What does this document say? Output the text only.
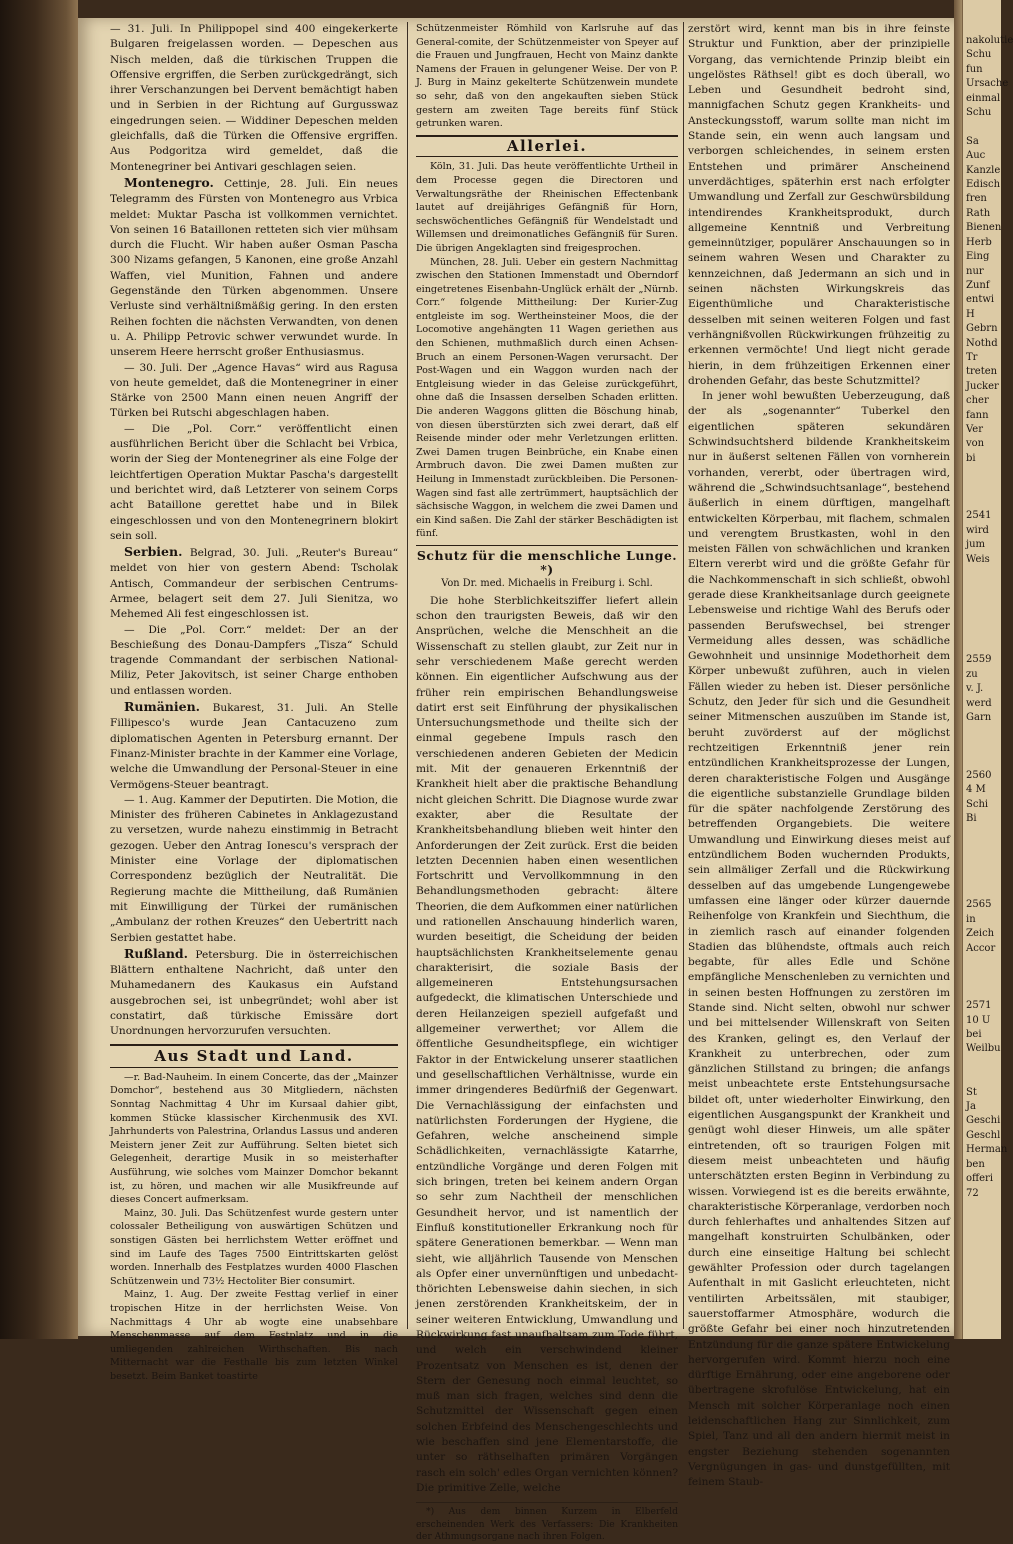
— 31. Juli. In Philippopel sind 400 eingekerkerte Bulgaren freigelassen worden. — Depeschen aus Nisch melden, daß die türkischen Truppen die Offensive ergriffen, die Serben zurückgedrängt, sich ihrer Verschanzungen bei Dervent bemächtigt haben und in Serbien in der Richtung auf Gurgusswaz eingedrungen seien. — Widdiner Depeschen melden gleichfalls, daß die Türken die Offensive ergriffen. Aus Podgoritza wird gemeldet, daß die Montenegriner bei Antivari geschlagen seien.

Montenegro. Cettinje, 28. Juli. Ein neues Telegramm des Fürsten von Montenegro aus Vrbica meldet: Muktar Pascha ist vollkommen vernichtet. Von seinen 16 Bataillonen retteten sich vier mühsam durch die Flucht. Wir haben außer Osman Pascha 300 Nizams gefangen, 5 Kanonen, eine große Anzahl Waffen, viel Munition, Fahnen und andere Gegenstände den Türken abgenommen. Unsere Verluste sind verhältnißmäßig gering. In den ersten Reihen fochten die nächsten Verwandten, von denen u. A. Philipp Petrovic schwer verwundet wurde. In unserem Heere herrscht großer Enthusiasmus.

— 30. Juli. Der „Agence Havas“ wird aus Ragusa von heute gemeldet, daß die Montenegriner in einer Stärke von 2500 Mann einen neuen Angriff der Türken bei Rutschi abgeschlagen haben.

— Die „Pol. Corr.“ veröffentlicht einen ausführlichen Bericht über die Schlacht bei Vrbica, worin der Sieg der Montenegriner als eine Folge der leichtfertigen Operation Muktar Pascha's dargestellt und berichtet wird, daß Letzterer von seinem Corps acht Bataillone gerettet habe und in Bilek eingeschlossen und von den Montenegrinern blokirt sein soll.

Serbien. Belgrad, 30. Juli. „Reuter's Bureau“ meldet von hier von gestern Abend: Tscholak Antisch, Commandeur der serbischen Centrums-Armee, belagert seit dem 27. Juli Sienitza, wo Mehemed Ali fest eingeschlossen ist.

— Die „Pol. Corr.“ meldet: Der an der Beschießung des Donau-Dampfers „Tisza“ Schuld tragende Commandant der serbischen National-Miliz, Peter Jakovitsch, ist seiner Charge enthoben und entlassen worden.

Rumänien. Bukarest, 31. Juli. An Stelle Fillipesco's wurde Jean Cantacuzeno zum diplomatischen Agenten in Petersburg ernannt. Der Finanz-Minister brachte in der Kammer eine Vorlage, welche die Umwandlung der Personal-Steuer in eine Vermögens-Steuer beantragt.

— 1. Aug. Kammer der Deputirten. Die Motion, die Minister des früheren Cabinetes in Anklagezustand zu versetzen, wurde nahezu einstimmig in Betracht gezogen. Ueber den Antrag Ionescu's versprach der Minister eine Vorlage der diplomatischen Correspondenz bezüglich der Neutralität. Die Regierung machte die Mittheilung, daß Rumänien mit Einwilligung der Türkei der rumänischen „Ambulanz der rothen Kreuzes“ den Uebertritt nach Serbien gestattet habe.

Rußland. Petersburg. Die in österreichischen Blättern enthaltene Nachricht, daß unter den Muhamedanern des Kaukasus ein Aufstand ausgebrochen sei, ist unbegründet; wohl aber ist constatirt, daß türkische Emissäre dort Unordnungen hervorzurufen versuchten.

Aus Stadt und Land.

—r. Bad-Nauheim. In einem Concerte, das der „Mainzer Domchor“, bestehend aus 30 Mitgliedern, nächsten Sonntag Nachmittag 4 Uhr im Kursaal dahier gibt, kommen Stücke klassischer Kirchenmusik des XVI. Jahrhunderts von Palestrina, Orlandus Lassus und anderen Meistern jener Zeit zur Aufführung. Selten bietet sich Gelegenheit, derartige Musik in so meisterhafter Ausführung, wie solches vom Mainzer Domchor bekannt ist, zu hören, und machen wir alle Musikfreunde auf dieses Concert aufmerksam.

Mainz, 30. Juli. Das Schützenfest wurde gestern unter colossaler Betheiligung von auswärtigen Schützen und sonstigen Gästen bei herrlichstem Wetter eröffnet und sind im Laufe des Tages 7500 Eintrittskarten gelöst worden. Innerhalb des Festplatzes wurden 4000 Flaschen Schützenwein und 73½ Hectoliter Bier consumirt.

Mainz, 1. Aug. Der zweite Festtag verlief in einer tropischen Hitze in der herrlichsten Weise. Von Nachmittags 4 Uhr ab wogte eine unabsehbare Menschenmasse auf dem Festplatz und in die umliegenden zahlreichen Wirthschaften. Bis nach Mitternacht war die Festhalle bis zum letzten Winkel besetzt. Beim Banket toastirte

Schützenmeister Römhild von Karlsruhe auf das General-comite, der Schützenmeister von Speyer auf die Frauen und Jungfrauen, Hecht von Mainz dankte Namens der Frauen in gelungener Weise. Der von P. J. Burg in Mainz gekelterte Schützenwein mundete so sehr, daß von den angekauften sieben Stück gestern am zweiten Tage bereits fünf Stück getrunken waren.

Allerlei.

Köln, 31. Juli. Das heute veröffentlichte Urtheil in dem Processe gegen die Directoren und Verwaltungsräthe der Rheinischen Effectenbank lautet auf dreijähriges Gefängniß für Horn, sechswöchentliches Gefängniß für Wendelstadt und Willemsen und dreimonatliches Gefängniß für Suren. Die übrigen Angeklagten sind freigesprochen.

München, 28. Juli. Ueber ein gestern Nachmittag zwischen den Stationen Immenstadt und Oberndorf eingetretenes Eisenbahn-Unglück erhält der „Nürnb. Corr.“ folgende Mittheilung: Der Kurier-Zug entgleiste im sog. Wertheinsteiner Moos, die der Locomotive angehängten 11 Wagen geriethen aus den Schienen, muthmaßlich durch einen Achsen-Bruch an einem Personen-Wagen verursacht. Der Post-Wagen und ein Waggon wurden nach der Entgleisung wieder in das Geleise zurückgeführt, ohne daß die Insassen derselben Schaden erlitten. Die anderen Waggons glitten die Böschung hinab, von diesen überstürzten sich zwei derart, daß elf Reisende minder oder mehr Verletzungen erlitten. Zwei Damen trugen Beinbrüche, ein Knabe einen Armbruch davon. Die zwei Damen mußten zur Heilung in Immenstadt zurückbleiben. Die Personen-Wagen sind fast alle zertrümmert, hauptsächlich der sächsische Waggon, in welchem die zwei Damen und ein Kind saßen. Die Zahl der stärker Beschädigten ist fünf.

Schutz für die menschliche Lunge. *)
Von Dr. med. Michaelis in Freiburg i. Schl.

Die hohe Sterblichkeitsziffer liefert allein schon den traurigsten Beweis, daß wir den Ansprüchen, welche die Menschheit an die Wissenschaft zu stellen glaubt, zur Zeit nur in sehr verschiedenem Maße gerecht werden können. Ein eigentlicher Aufschwung aus der früher rein empirischen Behandlungsweise datirt erst seit Einführung der physikalischen Untersuchungsmethode und theilte sich der einmal gegebene Impuls rasch den verschiedenen anderen Gebieten der Medicin mit. Mit der genaueren Erkenntniß der Krankheit hielt aber die praktische Behandlung nicht gleichen Schritt. Die Diagnose wurde zwar exakter, aber die Resultate der Krankheitsbehandlung blieben weit hinter den Anforderungen der Zeit zurück. Erst die beiden letzten Decennien haben einen wesentlichen Fortschritt und Vervollkommnung in den Behandlungsmethoden gebracht: ältere Theorien, die dem Aufkommen einer natürlichen und rationellen Anschauung hinderlich waren, wurden beseitigt, die Scheidung der beiden hauptsächlichsten Krankheitselemente genau charakterisirt, die soziale Basis der allgemeineren Entstehungsursachen aufgedeckt, die klimatischen Unterschiede und deren Heilanzeigen speziell aufgefaßt und allgemeiner verwerthet; vor Allem die öffentliche Gesundheitspflege, ein wichtiger Faktor in der Entwickelung unserer staatlichen und gesellschaftlichen Verhältnisse, wurde ein immer dringenderes Bedürfniß der Gegenwart. Die Vernachlässigung der einfachsten und natürlichsten Forderungen der Hygiene, die Gefahren, welche anscheinend simple Schädlichkeiten, vernachlässigte Katarrhe, entzündliche Vorgänge und deren Folgen mit sich bringen, treten bei keinem andern Organ so sehr zum Nachtheil der menschlichen Gesundheit hervor, und ist namentlich der Einfluß konstitutioneller Erkrankung noch für spätere Generationen bemerkbar. — Wenn man sieht, wie alljährlich Tausende von Menschen als Opfer einer unvernünftigen und unbedacht-thörichten Lebensweise dahin siechen, in sich jenen zerstörenden Krankheitskeim, der in seiner weiteren Entwicklung, Umwandlung und Rückwirkung fast unaufhaltsam zum Tode führt, und welch ein verschwindend kleiner Prozentsatz von Menschen es ist, denen der Stern der Genesung noch einmal leuchtet, so muß man sich fragen, welches sind denn die Schutzmittel der Wissenschaft gegen einen solchen Erbfeind des Menschengeschlechts und wie beschaffen sind jene Elementarstoffe, die unter so räthselhaften primären Vorgängen rasch ein solch' edles Organ vernichten können? Die primitive Zelle, welche

*) Aus dem binnen Kurzem in Elberfeld erscheinenden Werk des Verfassers: Die Krankheiten der Athmungsorgane nach ihren Folgen.

zerstört wird, kennt man bis in ihre feinste Struktur und Funktion, aber der prinzipielle Vorgang, das vernichtende Prinzip bleibt ein ungelöstes Räthsel! gibt es doch überall, wo Leben und Gesundheit bedroht sind, mannigfachen Schutz gegen Krankheits- und Ansteckungsstoff, warum sollte man nicht im Stande sein, ein wenn auch langsam und verborgen schleichendes, in seinem ersten Entstehen und primärer Anscheinend unverdächtiges, späterhin erst nach erfolgter Umwandlung und Zerfall zur Geschwürsbildung intendirendes Krankheitsprodukt, durch allgemeine Kenntniß und Verbreitung gemeinnütziger, populärer Anschauungen so in seinem wahren Wesen und Charakter zu kennzeichnen, daß Jedermann an sich und in seinen nächsten Wirkungskreis das Eigenthümliche und Charakteristische desselben mit seinen weiteren Folgen und fast verhängnißvollen Rückwirkungen frühzeitig zu erkennen vermöchte! Und liegt nicht gerade hierin, in dem frühzeitigen Erkennen einer drohenden Gefahr, das beste Schutzmittel?

In jener wohl bewußten Ueberzeugung, daß der als „sogenannter“ Tuberkel den eigentlichen späteren sekundären Schwindsuchtsherd bildende Krankheitskeim nur in äußerst seltenen Fällen von vornherein vorhanden, vererbt, oder übertragen wird, während die „Schwindsuchtsanlage“, bestehend äußerlich in einem dürftigen, mangelhaft entwickelten Körperbau, mit flachem, schmalen und verengtem Brustkasten, wohl in den meisten Fällen von schwächlichen und kranken Eltern vererbt wird und die größte Gefahr für die Nachkommenschaft in sich schließt, obwohl gerade diese Krankheitsanlage durch geeignete Lebensweise und richtige Wahl des Berufs oder passenden Berufswechsel, bei strenger Vermeidung alles dessen, was schädliche Gewohnheit und unsinnige Modethorheit dem Körper unbewußt zuführen, auch in vielen Fällen wieder zu heben ist. Dieser persönliche Schutz, den Jeder für sich und die Gesundheit seiner Mitmenschen auszuüben im Stande ist, beruht zuvörderst auf der möglichst rechtzeitigen Erkenntniß jener rein entzündlichen Krankheitsprozesse der Lungen, deren charakteristische Folgen und Ausgänge die eigentliche substanzielle Grundlage bilden für die später nachfolgende Zerstörung des betreffenden Organgebiets. Die weitere Umwandlung und Einwirkung dieses meist auf entzündlichem Boden wuchernden Produkts, sein allmäliger Zerfall und die Rückwirkung desselben auf das umgebende Lungengewebe umfassen eine länger oder kürzer dauernde Reihenfolge von Krankfein und Siechthum, die in ziemlich rasch auf einander folgenden Stadien das blühendste, oftmals auch reich begabte, für alles Edle und Schöne empfängliche Menschenleben zu vernichten und in seinen besten Hoffnungen zu zerstören im Stande sind. Nicht selten, obwohl nur schwer und bei mittelsender Willenskraft von Seiten des Kranken, gelingt es, den Verlauf der Krankheit zu unterbrechen, oder zum gänzlichen Stillstand zu bringen; die anfangs meist unbeachtete erste Entstehungsursache bildet oft, unter wiederholter Einwirkung, den eigentlichen Ausgangspunkt der Krankheit und genügt wohl dieser Hinweis, um alle später eintretenden, oft so traurigen Folgen mit diesem meist unbeachteten und häufig unterschätzten ersten Beginn in Verbindung zu wissen. Vorwiegend ist es die bereits erwähnte, charakteristische Körperanlage, verdorben noch durch fehlerhaftes und anhaltendes Sitzen auf mangelhaft konstruirten Schulbänken, oder durch eine einseitige Haltung bei schlecht gewählter Profession oder durch tagelangen Aufenthalt in mit Gaslicht erleuchteten, nicht ventilirten Arbeitssälen, mit staubiger, sauerstoffarmer Atmosphäre, wodurch die größte Gefahr bei einer noch hinzutretenden Entzündung für die ganze spätere Entwickelung hervorgerufen wird. Kommt hierzu noch eine dürftige Ernährung, oder eine angeborene oder übertragene skrofulöse Entwickelung, hat ein Mensch mit solcher Körperanlage noch einen leidenschaftlichen Hang zur Sinnlichkeit, zum Spiel, Tanz und all den andern hiermit meist in engster Beziehung stehenden sogenannten Vergnügungen in gas- und dunstgefüllten, mit feinem Staub-

nakolutie
Schu
fun
Ursache
einmal
Schu

Sa
Auc
Kanzle
Edisch
fren
Rath
Bienen
Herb
Eing
nur
Zunf
entwi
H
Gebrn
Nothd
Tr
treten
Jucker
cher
fann
Ver
von
bi

2541
wird
jum
Weis

2559
zu
v. J.
werd
Garn

2560
4 M
Schi
Bi

2565
in
Zeich
Accor

2571
10 U
bei
Weilbu

St
Ja
Geschi
Geschl
Herman
ben
offeri
72
